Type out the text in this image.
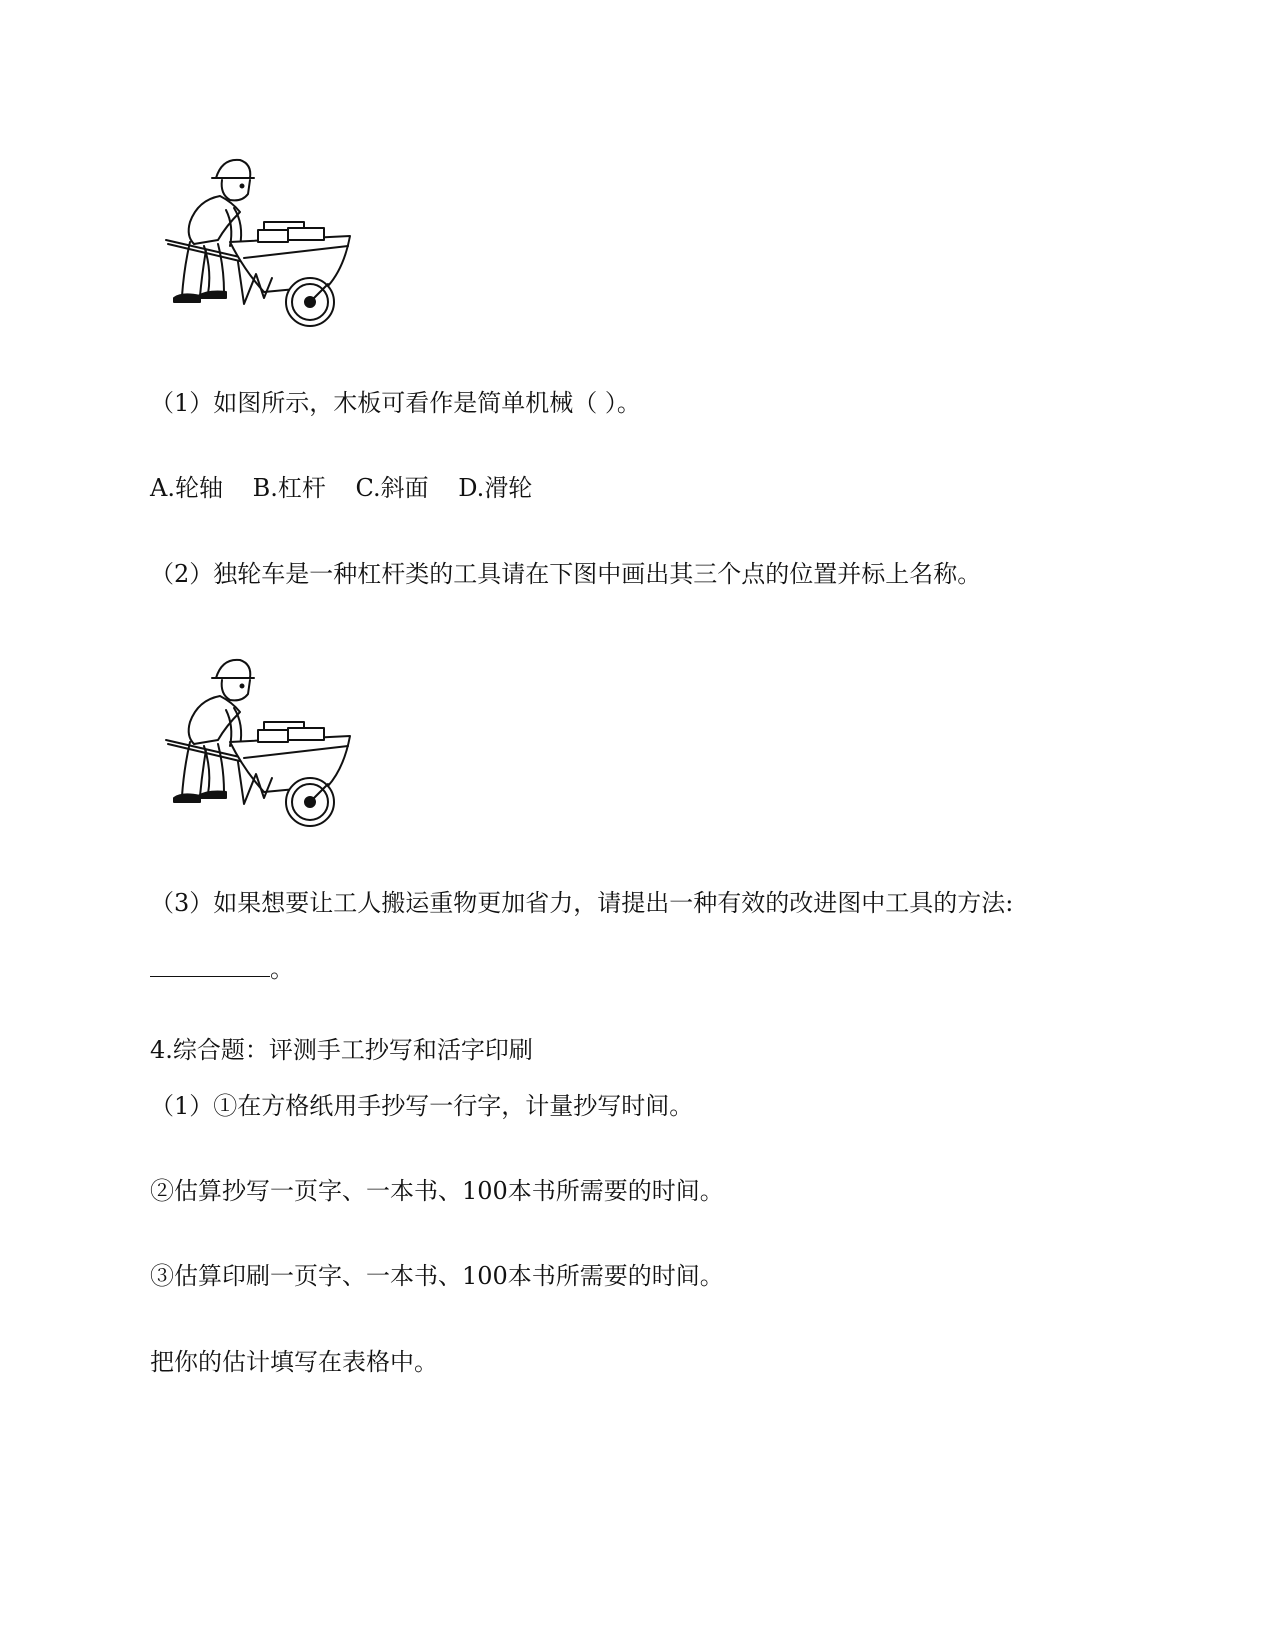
（1）如图所示，木板可看作是简单机械（ ）。
A.轮轴 B.杠杆 C.斜面 D.滑轮
（2）独轮车是一种杠杆类的工具请在下图中画出其三个点的位置并标上名称。
（3）如果想要让工人搬运重物更加省力，请提出一种有效的改进图中工具的方法:
。
4.综合题：评测手工抄写和活字印刷
（1）①在方格纸用手抄写一行字，计量抄写时间。
②估算抄写一页字、一本书、100本书所需要的时间。
③估算印刷一页字、一本书、100本书所需要的时间。
把你的估计填写在表格中。
